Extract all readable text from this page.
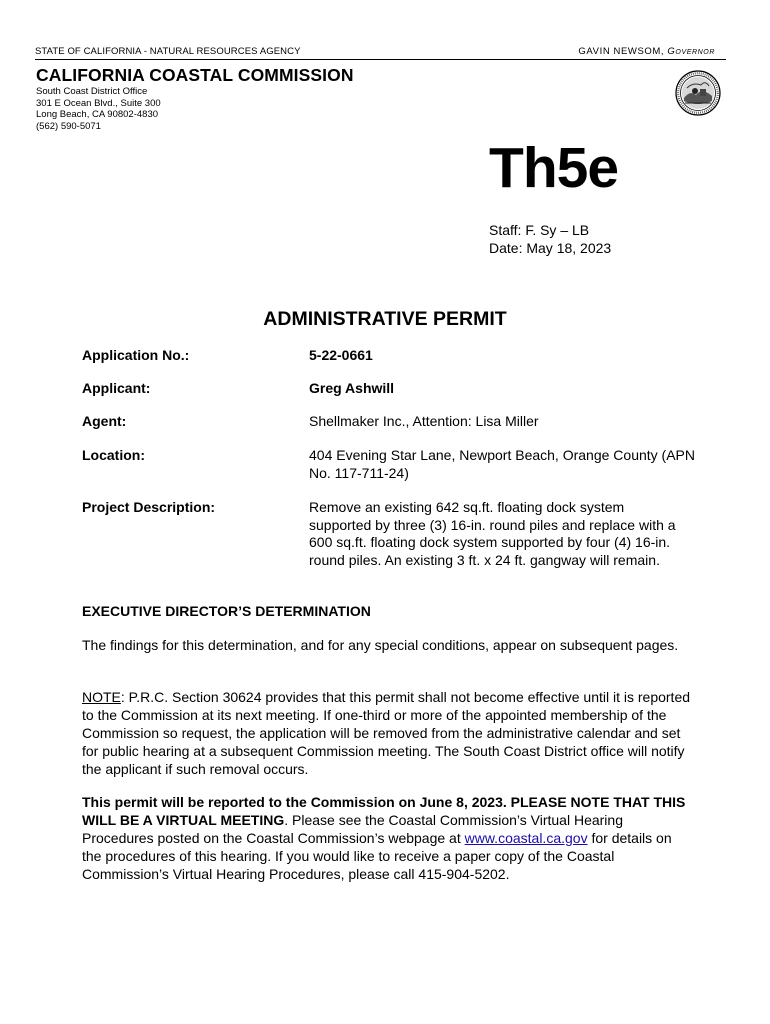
STATE OF CALIFORNIA - NATURAL RESOURCES AGENCY	GAVIN NEWSOM, Governor
CALIFORNIA COASTAL COMMISSION
South Coast District Office
301 E Ocean Blvd., Suite 300
Long Beach, CA 90802-4830
(562) 590-5071
Th5e
Staff: F. Sy – LB
Date: May 18, 2023
ADMINISTRATIVE PERMIT
Application No.:	5-22-0661
Applicant:	Greg Ashwill
Agent:	Shellmaker Inc., Attention: Lisa Miller
Location:	404 Evening Star Lane, Newport Beach, Orange County (APN No. 117-711-24)
Project Description:	Remove an existing 642 sq.ft. floating dock system supported by three (3) 16-in. round piles and replace with a 600 sq.ft. floating dock system supported by four (4) 16-in. round piles. An existing 3 ft. x 24 ft. gangway will remain.
EXECUTIVE DIRECTOR’S DETERMINATION
The findings for this determination, and for any special conditions, appear on subsequent pages.
NOTE: P.R.C. Section 30624 provides that this permit shall not become effective until it is reported to the Commission at its next meeting. If one-third or more of the appointed membership of the Commission so request, the application will be removed from the administrative calendar and set for public hearing at a subsequent Commission meeting. The South Coast District office will notify the applicant if such removal occurs.
This permit will be reported to the Commission on June 8, 2023. PLEASE NOTE THAT THIS WILL BE A VIRTUAL MEETING. Please see the Coastal Commission’s Virtual Hearing Procedures posted on the Coastal Commission’s webpage at www.coastal.ca.gov for details on the procedures of this hearing. If you would like to receive a paper copy of the Coastal Commission’s Virtual Hearing Procedures, please call 415-904-5202.
